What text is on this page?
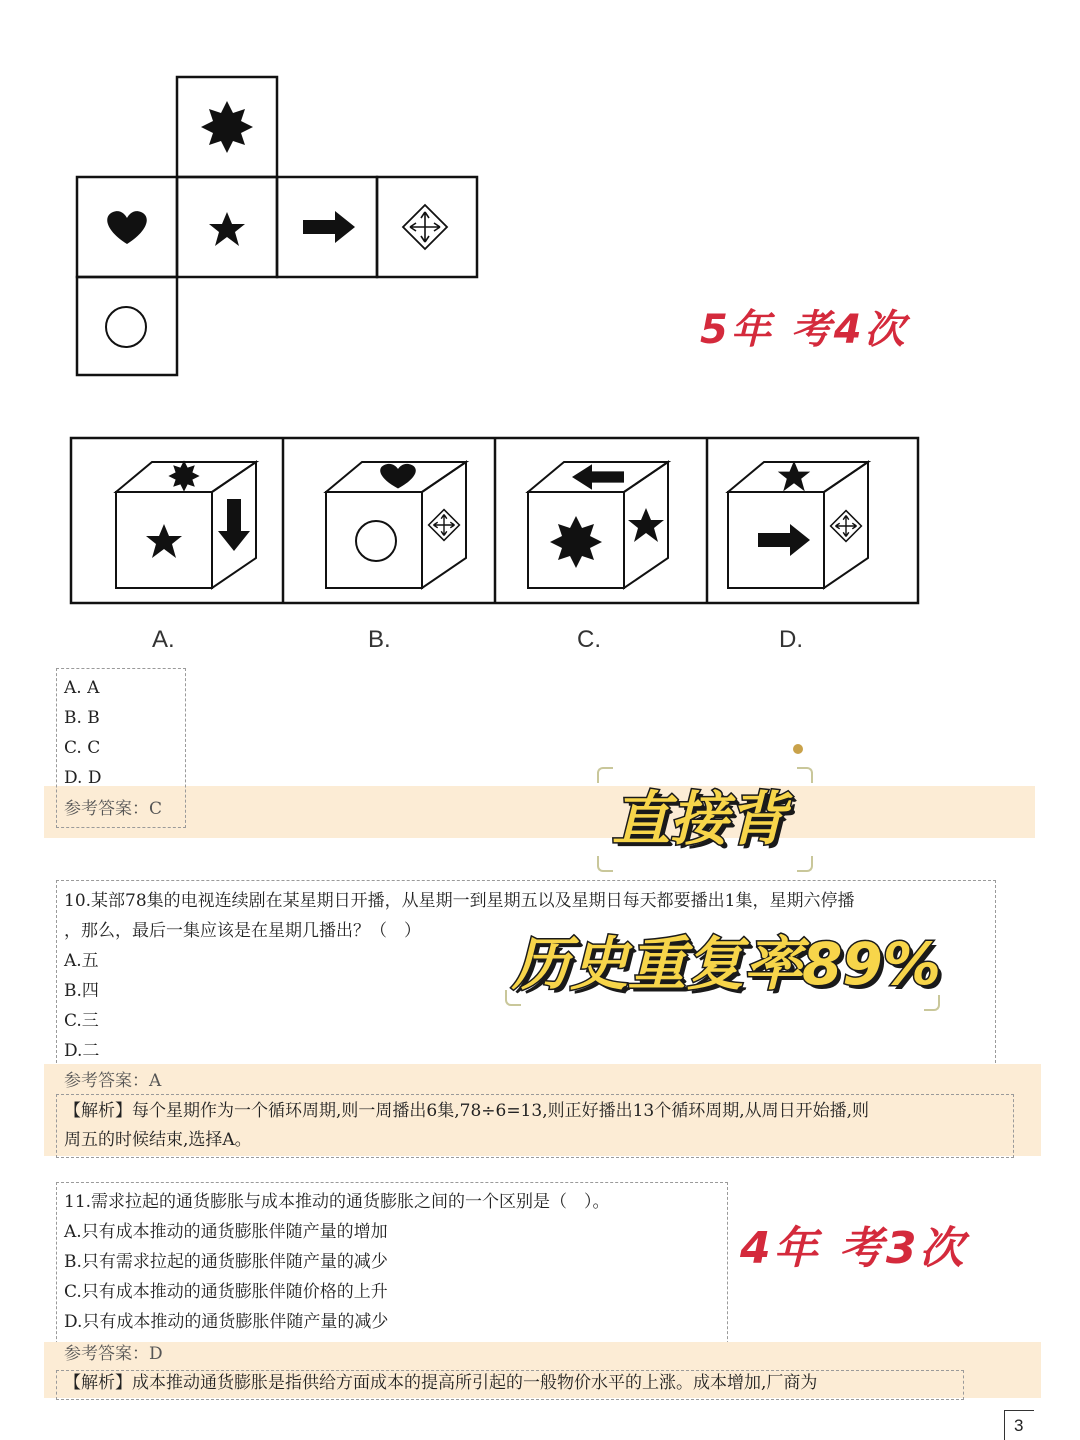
5年 考4次
A.	B.	C.	D.
A. A
B. B
C. C
D. D
参考答案：C
10.某部78集的电视连续剧在某星期日开播，从星期一到星期五以及星期日每天都要播出1集，星期六停播
，那么，最后一集应该是在星期几播出？（　）
A.五
B.四
C.三
D.二
参考答案：A
【解析】每个星期作为一个循环周期,则一周播出6集,78÷6=13,则正好播出13个循环周期,从周日开始播,则
周五的时候结束,选择A。
直接背
历史重复率89%
11.需求拉起的通货膨胀与成本推动的通货膨胀之间的一个区别是（　）。
A.只有成本推动的通货膨胀伴随产量的增加
B.只有需求拉起的通货膨胀伴随产量的减少
C.只有成本推动的通货膨胀伴随价格的上升
D.只有成本推动的通货膨胀伴随产量的减少
参考答案：D
【解析】成本推动通货膨胀是指供给方面成本的提高所引起的一般物价水平的上涨。成本增加,厂商为
4年 考3次
3
